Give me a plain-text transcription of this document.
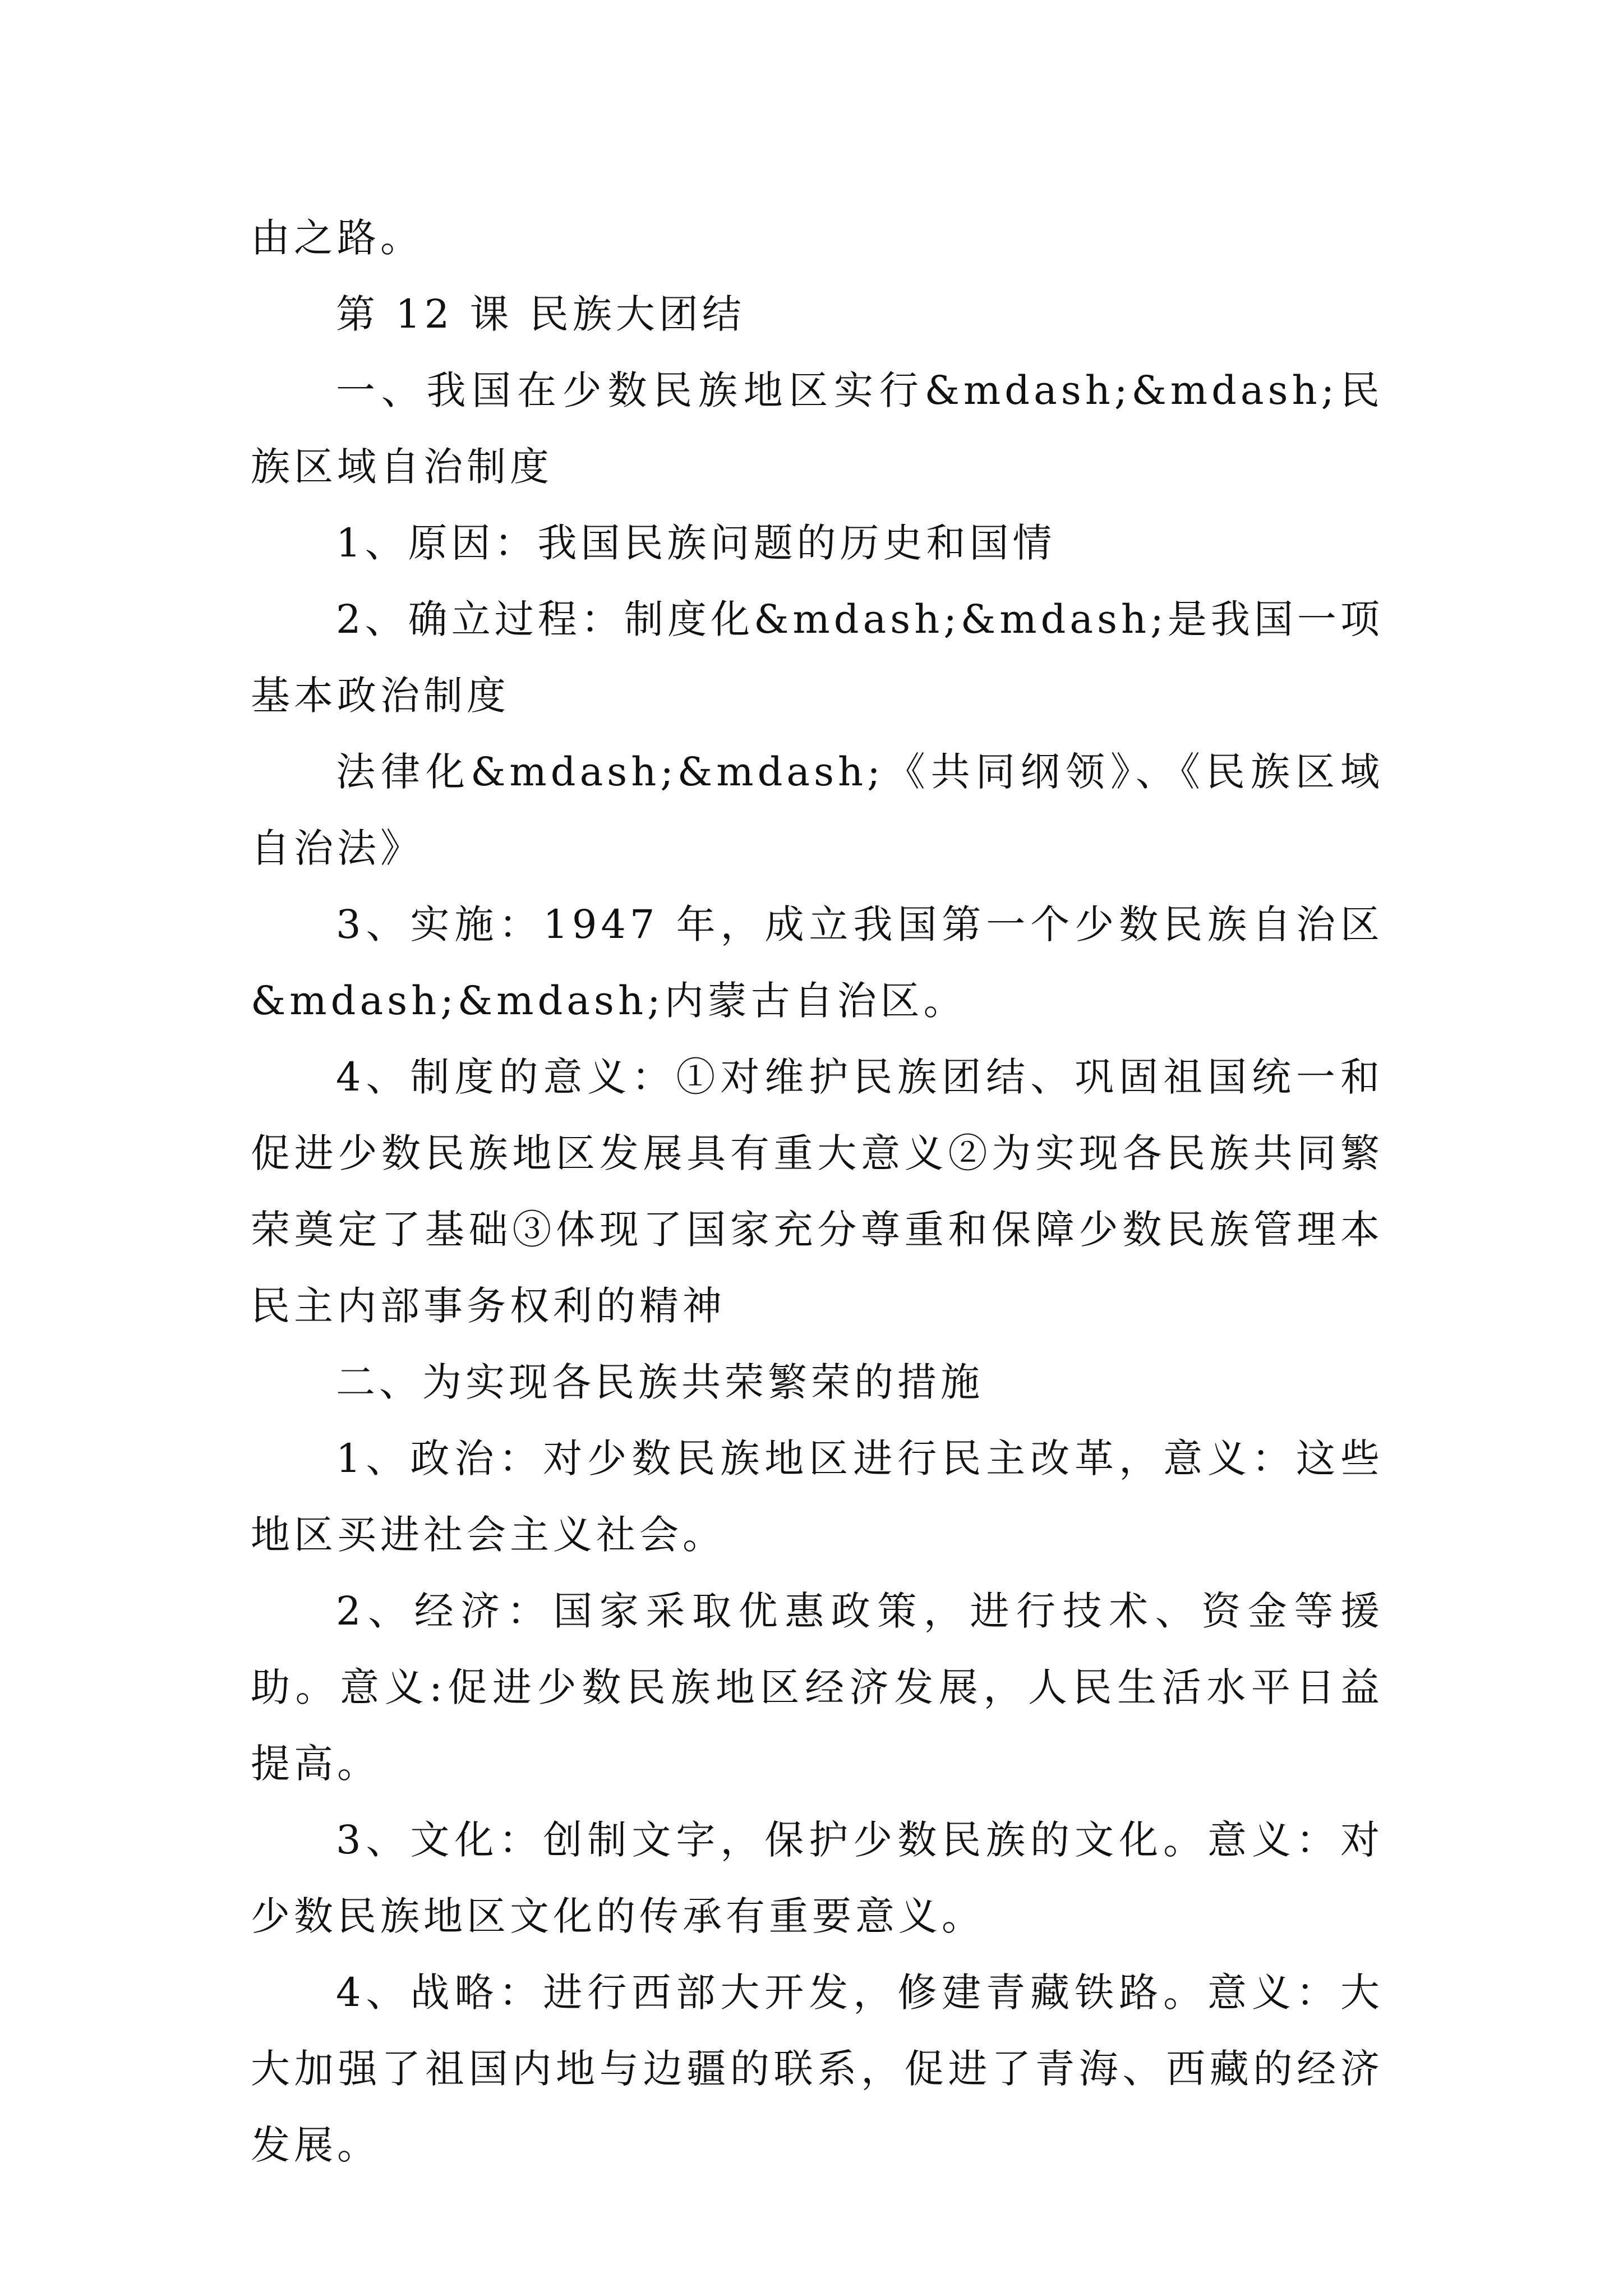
由之路。

第 12 课 民族大团结

一、我国在少数民族地区实行&mdash;&mdash;民族区域自治制度

1、原因：我国民族问题的历史和国情

2、确立过程：制度化&mdash;&mdash;是我国一项基本政治制度

法律化&mdash;&mdash;《共同纲领》、《民族区域自治法》

3、实施：1947 年，成立我国第一个少数民族自治区&mdash;&mdash;内蒙古自治区。

4、制度的意义：①对维护民族团结、巩固祖国统一和促进少数民族地区发展具有重大意义②为实现各民族共同繁荣奠定了基础③体现了国家充分尊重和保障少数民族管理本民主内部事务权利的精神

二、为实现各民族共荣繁荣的措施

1、政治：对少数民族地区进行民主改革，意义：这些地区买进社会主义社会。

2、经济：国家采取优惠政策，进行技术、资金等援助。意义:促进少数民族地区经济发展，人民生活水平日益提高。

3、文化：创制文字，保护少数民族的文化。意义：对少数民族地区文化的传承有重要意义。

4、战略：进行西部大开发，修建青藏铁路。意义：大大加强了祖国内地与边疆的联系，促进了青海、西藏的经济发展。
